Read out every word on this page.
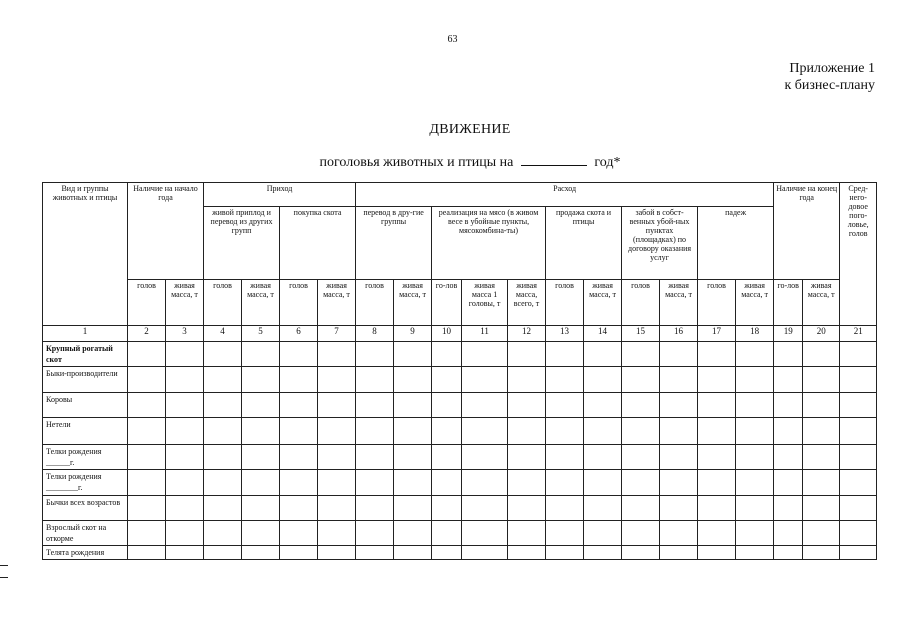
63
Приложение 1
к бизнес-плану
ДВИЖЕНИЕ
поголовья животных и птицы на	год*
Вид и группы животных и птицы	Наличие на начало года		Приход				Расход											Наличие на конец года		Сред-него-довое пого-ловье, голов
			живой приплод и перевод из других групп		покупка скота		перевод в дру-гие группы		реализация на мясо (в живом весе в убойные пункты, мясокомбина-ты)			продажа скота и птицы		забой в собст-венных убой-ных пунктах (площадках) по договору оказания услуг		падеж				
	голов	живая масса, т	голов	живая масса, т	голов	живая масса, т	голов	живая масса, т	го-лов	живая масса 1 головы, т	живая масса, всего, т	голов	живая масса, т	голов	живая масса, т	голов	живая масса, т	го-лов	живая масса, т	
1	2	3	4	5	6	7	8	9	10	11	12	13	14	15	16	17	18	19	20	21
Крупный рогатый скот																				
Быки-производители																				
Коровы																				
Нетели																				
Телки рождения ______г.																				
Телки рождения ________г.																				
Бычки всех возрастов																				
Взрослый скот на откорме																				
Телята рождения																				
